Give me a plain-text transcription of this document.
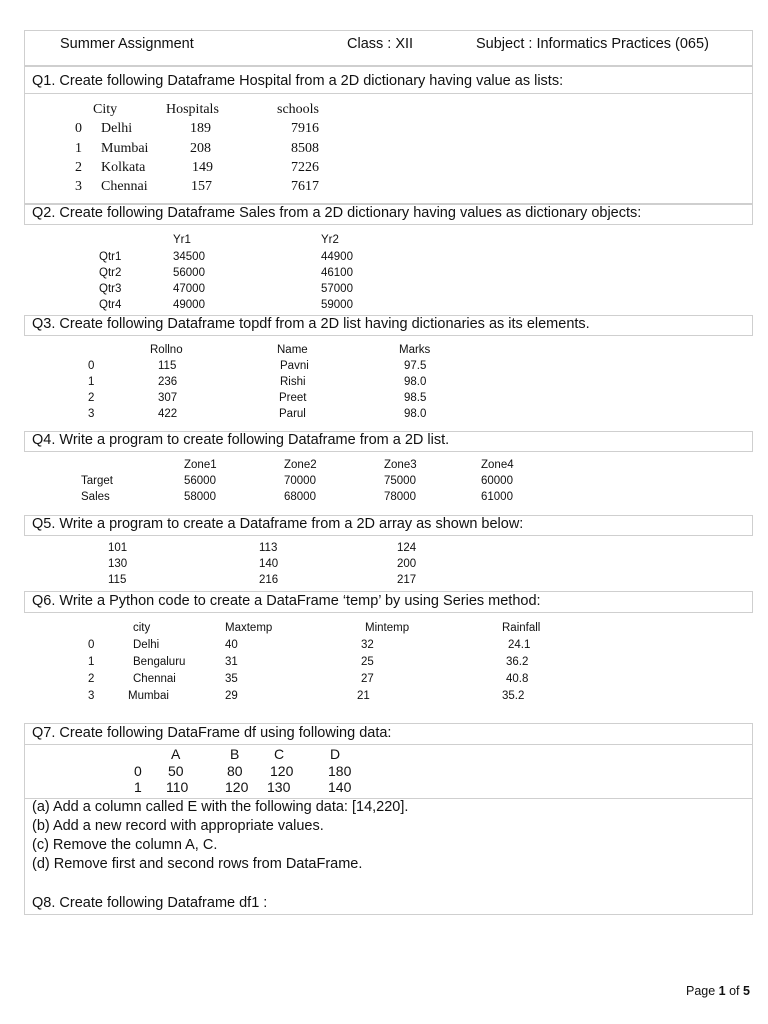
Summer Assignment	Class : XII	Subject : Informatics Practices (065)
Q1. Create following Dataframe Hospital from a 2D dictionary having value as lists:
City	Hospitals	schools
0 Delhi	189	7916
1 Mumbai	208	8508
2 Kolkata	149	7226
3 Chennai	157	7617
Q2. Create following Dataframe Sales from a 2D dictionary having values as dictionary objects:
Yr1	Yr2
Qtr1	34500	44900
Qtr2	56000	46100
Qtr3	47000	57000
Qtr4	49000	59000
Q3. Create following Dataframe topdf from a 2D list having dictionaries as its elements.
Rollno	Name	Marks
0	115	Pavni	97.5
1	236	Rishi	98.0
2	307	Preet	98.5
3	422	Parul	98.0
Q4. Write a program to create following Dataframe from a 2D list.
Zone1	Zone2	Zone3	Zone4
Target	56000	70000	75000	60000
Sales	58000	68000	78000	61000
Q5. Write a program to create a Dataframe from a 2D array as shown below:
101	113	124
130	140	200
115	216	217
Q6. Write a Python code to create a DataFrame ‘temp’ by using Series method:
city	Maxtemp	Mintemp	Rainfall
0	Delhi	40	32	24.1
1	Bengaluru	31	25	36.2
2	Chennai	35	27	40.8
3	Mumbai	29	21	35.2
Q7. Create following DataFrame df using following data:
A	B C	D
0 50	80 120 180
1 110	120 130	140
(a) Add a column called E with the following data: [14,220].
(b) Add a new record with appropriate values.
(c) Remove the column A, C.
(d) Remove first and second rows from DataFrame.
Q8. Create following Dataframe df1 :
Page 1 of 5
